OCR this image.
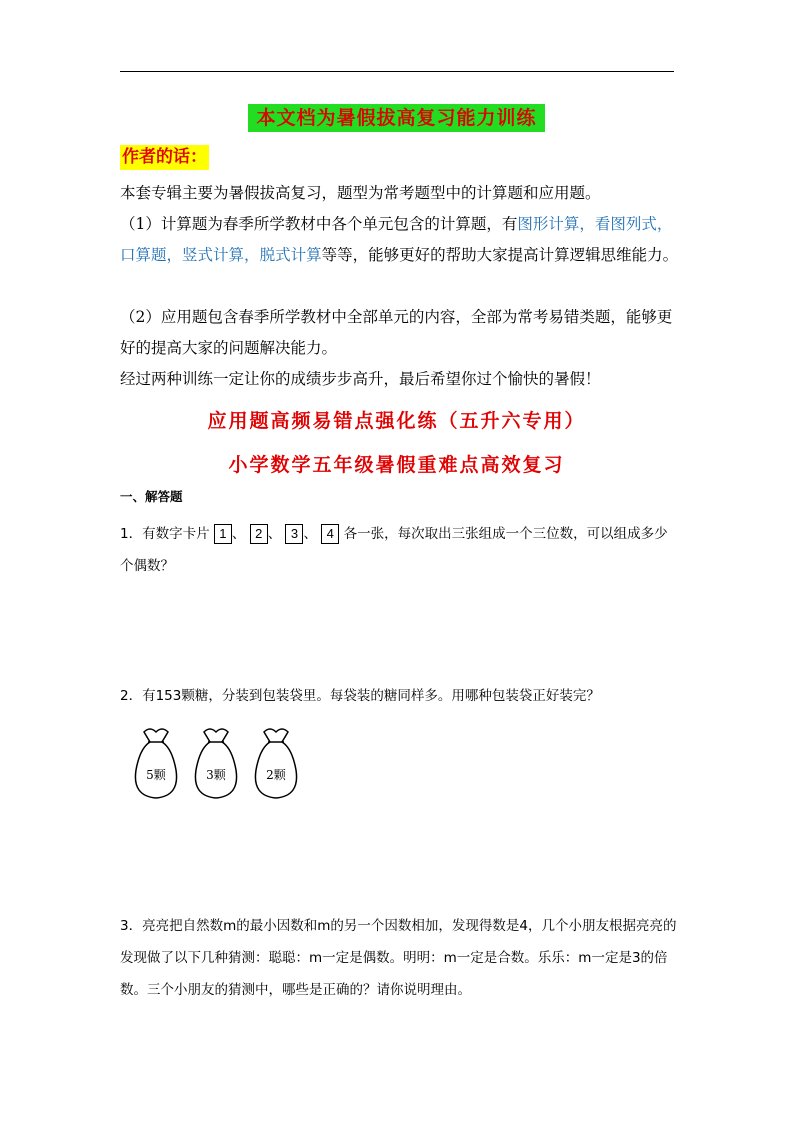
本文档为暑假拔高复习能力训练
作者的话：

本套专辑主要为暑假拔高复习，题型为常考题型中的计算题和应用题。

（1）计算题为春季所学教材中各个单元包含的计算题，有图形计算，看图列式，口算题，竖式计算，脱式计算等等，能够更好的帮助大家提高计算逻辑思维能力。

（2）应用题包含春季所学教材中全部单元的内容，全部为常考易错类题，能够更好的提高大家的问题解决能力。

经过两种训练一定让你的成绩步步高升，最后希望你过个愉快的暑假！

应用题高频易错点强化练（五升六专用）
小学数学五年级暑假重难点高效复习
一、解答题

1．有数字卡片 1 、 2 、 3 、 4 各一张，每次取出三张组成一个三位数，可以组成多少个偶数？

2．有153颗糖，分装到包装袋里。每袋装的糖同样多。用哪种包装袋正好装完？

5颗	3颗	2颗

3．亮亮把自然数m的最小因数和m的另一个因数相加，发现得数是4，几个小朋友根据亮亮的发现做了以下几种猜测：聪聪：m一定是偶数。明明：m一定是合数。乐乐：m一定是3的倍数。三个小朋友的猜测中，哪些是正确的？请你说明理由。
